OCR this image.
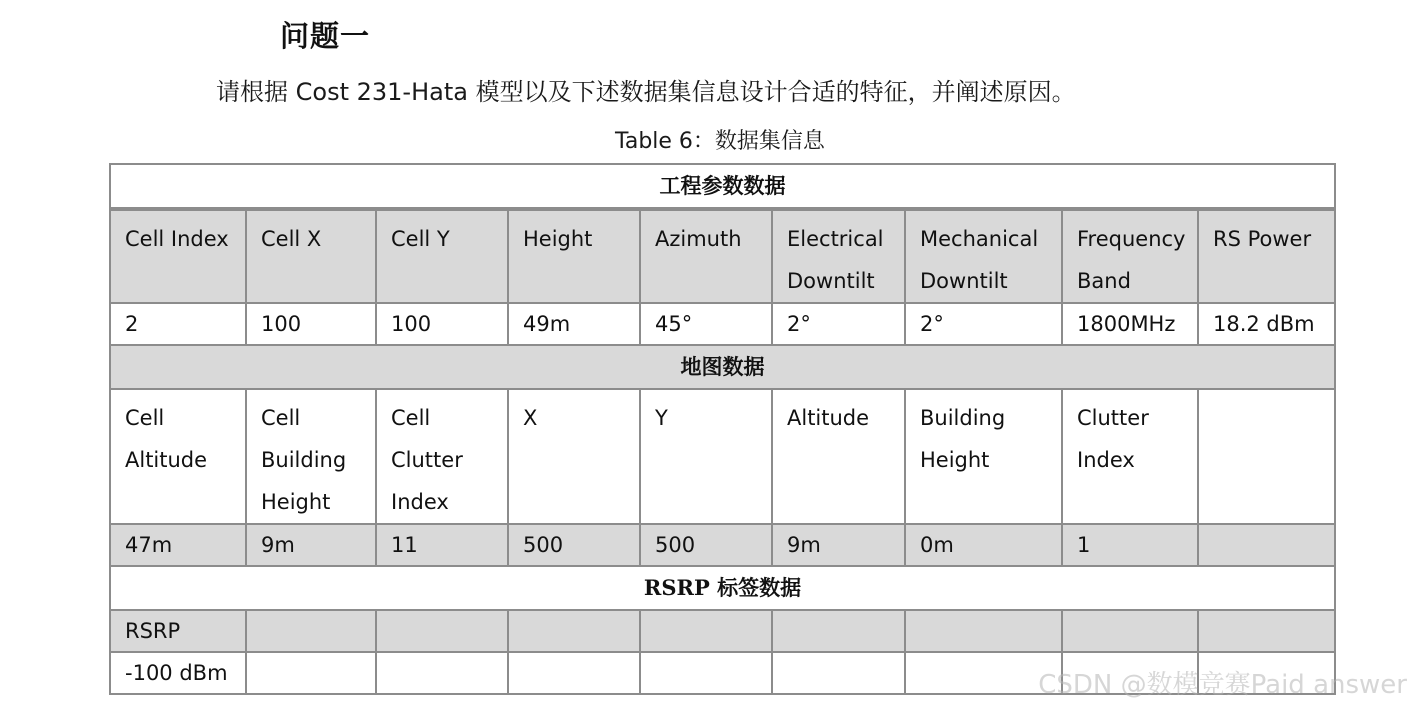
问题一
请根据 Cost 231-Hata 模型以及下述数据集信息设计合适的特征，并阐述原因。
Table 6：数据集信息
工程参数数据								
Cell Index	Cell X	Cell Y	Height	Azimuth	Electrical Downtilt	Mechanical Downtilt	Frequency Band	RS Power
2	100	100	49m	45°	2°	2°	1800MHz	18.2 dBm
地图数据								
Cell Altitude	Cell Building Height	Cell Clutter Index	X	Y	Altitude	Building Height	Clutter Index	
47m	9m	11	500	500	9m	0m	1	
RSRP 标签数据								
RSRP								
-100 dBm									CSDN @数模竞赛Paid answer
